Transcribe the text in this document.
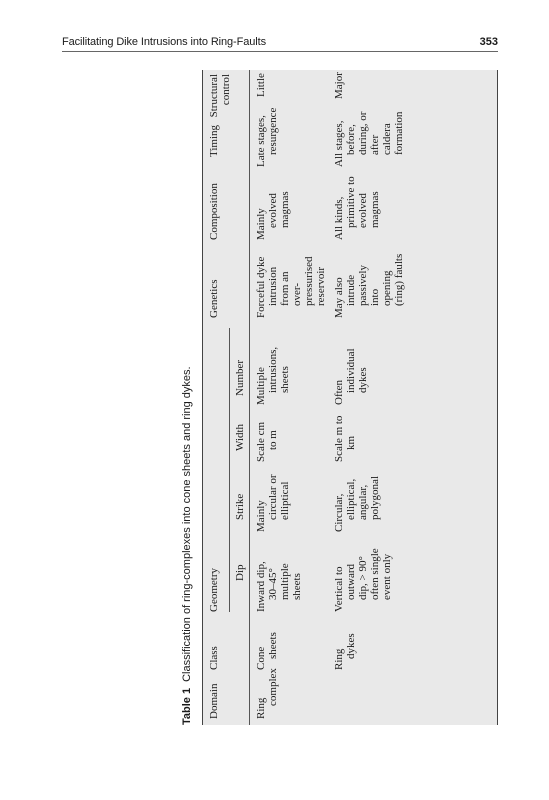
Facilitating Dike Intrusions into Ring-Faults	353
Table 1Classification of ring-complexes into cone sheets and ring dykes.
Domain
Class
Geometry
Genetics
Composition
Timing
Structural control
Dip
Strike
Width
Number
Ring
complex
Cone sheets
Inward dip, 30–45° multiple sheets
Mainly circular or elliptical
Scale cm to m
Multiple intrusions, sheets
Forceful dyke intrusion from an over- pressurised reservoir
Mainly evolved magmas
Late stages, resurgence
Little
Ring
dykes
Vertical to outward dip, > 90° often single event only
Circular, elliptical, angular, polygonal
Scale m to km
Often individual dykes
May also intrude passively into opening (ring) faults
All kinds, primitive to evolved magmas
All stages, before, during, or after caldera formation
Major
